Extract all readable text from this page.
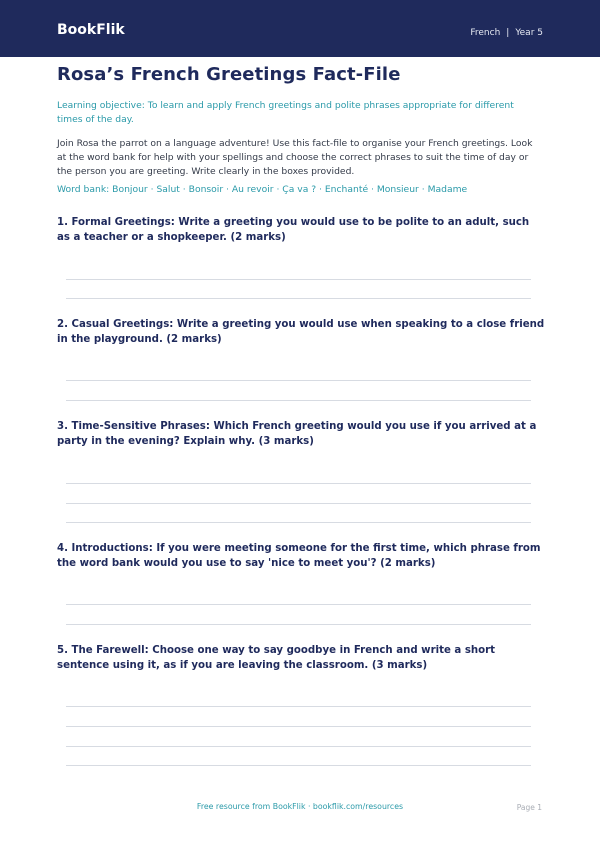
BookFlik	French | Year 5
Rosa’s French Greetings Fact-File
Learning objective: To learn and apply French greetings and polite phrases appropriate for different times of the day.
Join Rosa the parrot on a language adventure! Use this fact-file to organise your French greetings. Look at the word bank for help with your spellings and choose the correct phrases to suit the time of day or the person you are greeting. Write clearly in the boxes provided.
Word bank: Bonjour · Salut · Bonsoir · Au revoir · Ça va ? · Enchanté · Monsieur · Madame
1. Formal Greetings: Write a greeting you would use to be polite to an adult, such as a teacher or a shopkeeper. (2 marks)
2. Casual Greetings: Write a greeting you would use when speaking to a close friend in the playground. (2 marks)
3. Time-Sensitive Phrases: Which French greeting would you use if you arrived at a party in the evening? Explain why. (3 marks)
4. Introductions: If you were meeting someone for the first time, which phrase from the word bank would you use to say 'nice to meet you'? (2 marks)
5. The Farewell: Choose one way to say goodbye in French and write a short sentence using it, as if you are leaving the classroom. (3 marks)
Free resource from BookFlik · bookflik.com/resources	Page 1
